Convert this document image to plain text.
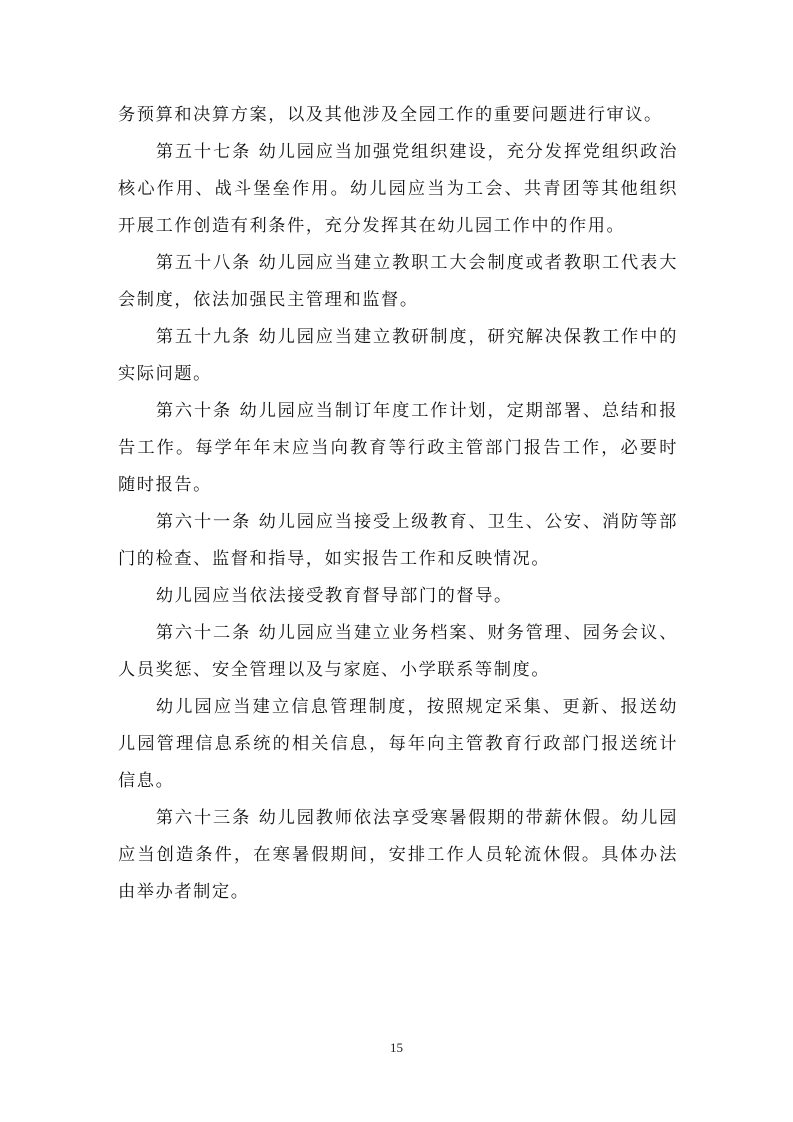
务预算和决算方案，以及其他涉及全园工作的重要问题进行审议。

第五十七条 幼儿园应当加强党组织建设，充分发挥党组织政治核心作用、战斗堡垒作用。幼儿园应当为工会、共青团等其他组织开展工作创造有利条件，充分发挥其在幼儿园工作中的作用。

第五十八条 幼儿园应当建立教职工大会制度或者教职工代表大会制度，依法加强民主管理和监督。

第五十九条 幼儿园应当建立教研制度，研究解决保教工作中的实际问题。

第六十条 幼儿园应当制订年度工作计划，定期部署、总结和报告工作。每学年年末应当向教育等行政主管部门报告工作，必要时随时报告。

第六十一条 幼儿园应当接受上级教育、卫生、公安、消防等部门的检查、监督和指导，如实报告工作和反映情况。

幼儿园应当依法接受教育督导部门的督导。

第六十二条 幼儿园应当建立业务档案、财务管理、园务会议、人员奖惩、安全管理以及与家庭、小学联系等制度。

幼儿园应当建立信息管理制度，按照规定采集、更新、报送幼儿园管理信息系统的相关信息，每年向主管教育行政部门报送统计信息。

第六十三条 幼儿园教师依法享受寒暑假期的带薪休假。幼儿园应当创造条件，在寒暑假期间，安排工作人员轮流休假。具体办法由举办者制定。

15
